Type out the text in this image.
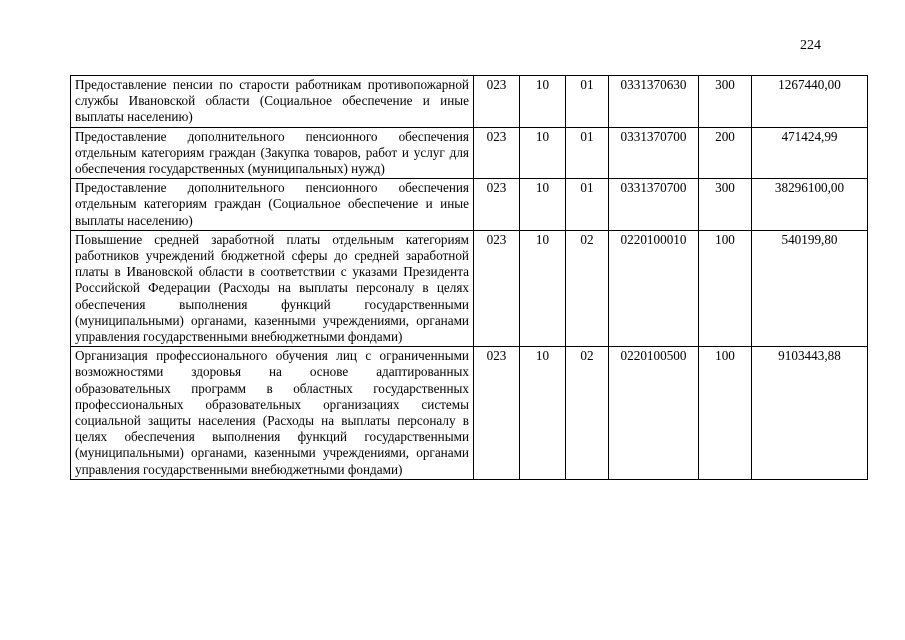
224
Предоставление пенсии по старости работникам противопожарной службы Ивановской области (Социальное обеспечение и иные выплаты населению)	023	10	01	0331370630	300	1267440,00
Предоставление дополнительного пенсионного обеспечения отдельным категориям граждан (Закупка товаров, работ и услуг для обеспечения государственных (муниципальных) нужд)	023	10	01	0331370700	200	471424,99
Предоставление дополнительного пенсионного обеспечения отдельным категориям граждан (Социальное обеспечение и иные выплаты населению)	023	10	01	0331370700	300	38296100,00
Повышение средней заработной платы отдельным категориям работников учреждений бюджетной сферы до средней заработной платы в Ивановской области в соответствии с указами Президента Российской Федерации (Расходы на выплаты персоналу в целях обеспечения выполнения функций государственными (муниципальными) органами, казенными учреждениями, органами управления государственными внебюджетными фондами)	023	10	02	0220100010	100	540199,80
Организация профессионального обучения лиц с ограниченными возможностями здоровья на основе адаптированных образовательных программ в областных государственных профессиональных образовательных организациях системы социальной защиты населения (Расходы на выплаты персоналу в целях обеспечения выполнения функций государственными (муниципальными) органами, казенными учреждениями, органами управления государственными внебюджетными фондами)	023	10	02	0220100500	100	9103443,88
